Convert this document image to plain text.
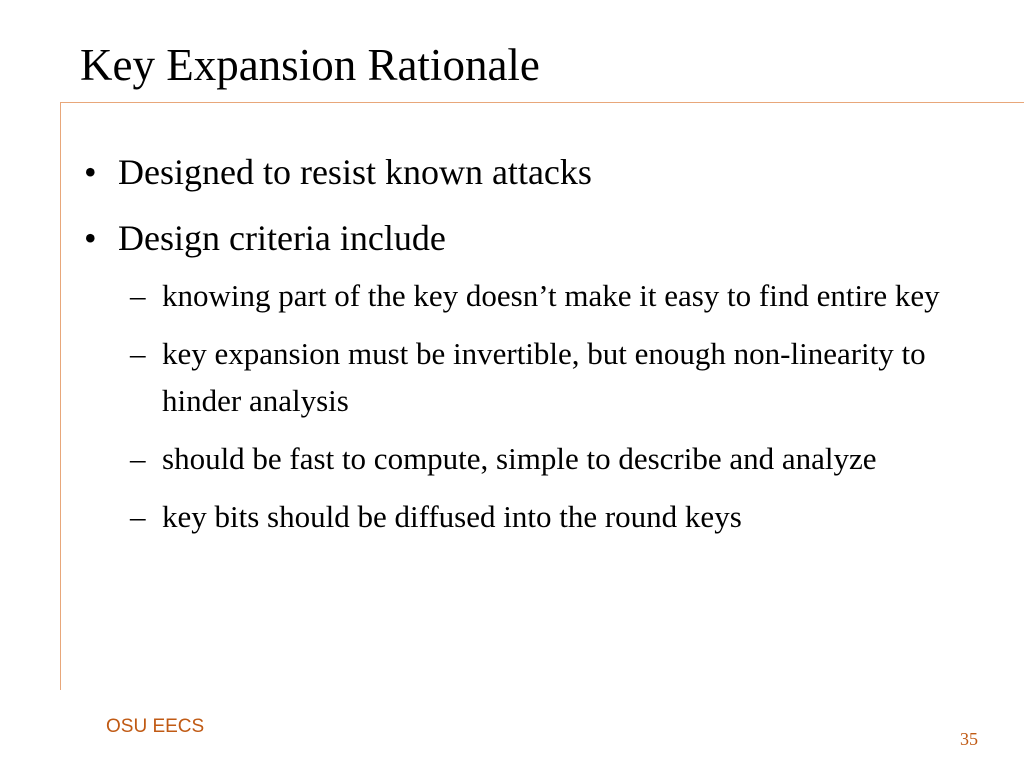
Key Expansion Rationale
• Designed to resist known attacks
• Design criteria include
– knowing part of the key doesn’t make it easy to find entire key
– key expansion must be invertible, but enough non-linearity to hinder analysis
– should be fast to compute, simple to describe and analyze
– key bits should be diffused into the round keys
OSU EECS
35
